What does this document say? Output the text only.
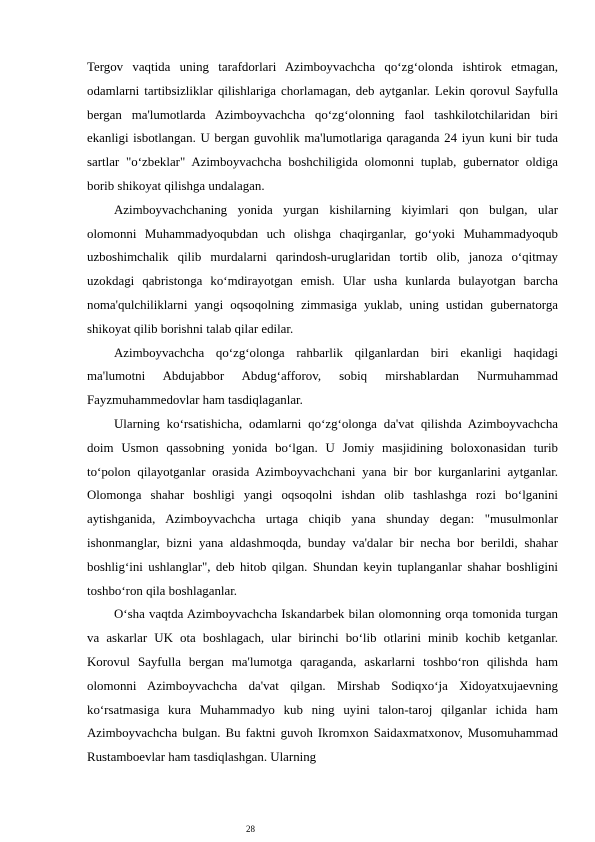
Tergov vaqtida uning tarafdorlari Azimboyvachcha qo‘zg‘olonda ishtirok etmagan, odamlarni tartibsizliklar qilishlariga chorlamagan, deb aytganlar. Lekin qorovul Sayfulla bergan ma'lumotlarda Azimboyvachcha qo‘zg‘olonning faol tashkilotchilaridan biri ekanligi isbotlangan. U bergan guvohlik ma'lumotlariga qaraganda 24 iyun kuni bir tuda sartlar "o‘zbeklar" Azimboyvachcha boshchiligida olomonni tuplab, gubernator oldiga borib shikoyat qilishga undalagan.

Azimboyvachchaning yonida yurgan kishilarning kiyimlari qon bulgan, ular olomonni Muhammadyoqubdan uch olishga chaqirganlar, go‘yoki Muhammadyoqub uzboshimchalik qilib murdalarni qarindosh-uruglaridan tortib olib, janoza o‘qitmay uzokdagi qabristonga ko‘mdirayotgan emish. Ular usha kunlarda bulayotgan barcha noma'qulchiliklarni yangi oqsoqolning zimmasiga yuklab, uning ustidan gubernatorga shikoyat qilib borishni talab qilar edilar.

Azimboyvachcha qo‘zg‘olonga rahbarlik qilganlardan biri ekanligi haqidagi ma'lumotni Abdujabbor Abdug‘afforov, sobiq mirshablardan Nurmuhammad Fayzmuhammedovlar ham tasdiqlaganlar.

Ularning ko‘rsatishicha, odamlarni qo‘zg‘olonga da'vat qilishda Azimboyvachcha doim Usmon qassobning yonida bo‘lgan. U Jomiy masjidining boloxonasidan turib to‘polon qilayotganlar orasida Azimboyvachchani yana bir bor kurganlarini aytganlar. Olomonga shahar boshligi yangi oqsoqolni ishdan olib tashlashga rozi bo‘lganini aytishganida, Azimboyvachcha urtaga chiqib yana shunday degan: "musulmonlar ishonmanglar, bizni yana aldashmoqda, bunday va'dalar bir necha bor berildi, shahar boshlig‘ini ushlanglar", deb hitob qilgan. Shundan keyin tuplanganlar shahar boshligini toshbo‘ron qila boshlaganlar.

O‘sha vaqtda Azimboyvachcha Iskandarbek bilan olomonning orqa tomonida turgan va askarlar UK ota boshlagach, ular birinchi bo‘lib otlarini minib kochib ketganlar. Korovul Sayfulla bergan ma'lumotga qaraganda, askarlarni toshbo‘ron qilishda ham olomonni Azimboyvachcha da'vat qilgan. Mirshab Sodiqxo‘ja Xidoyatxujaevning ko‘rsatmasiga kura Muhammadyo kub ning uyini talon-taroj qilganlar ichida ham Azimboyvachcha bulgan. Bu faktni guvoh Ikromxon Saidaxmatxonov, Musomuhammad Rustamboevlar ham tasdiqlashgan. Ularning

28
